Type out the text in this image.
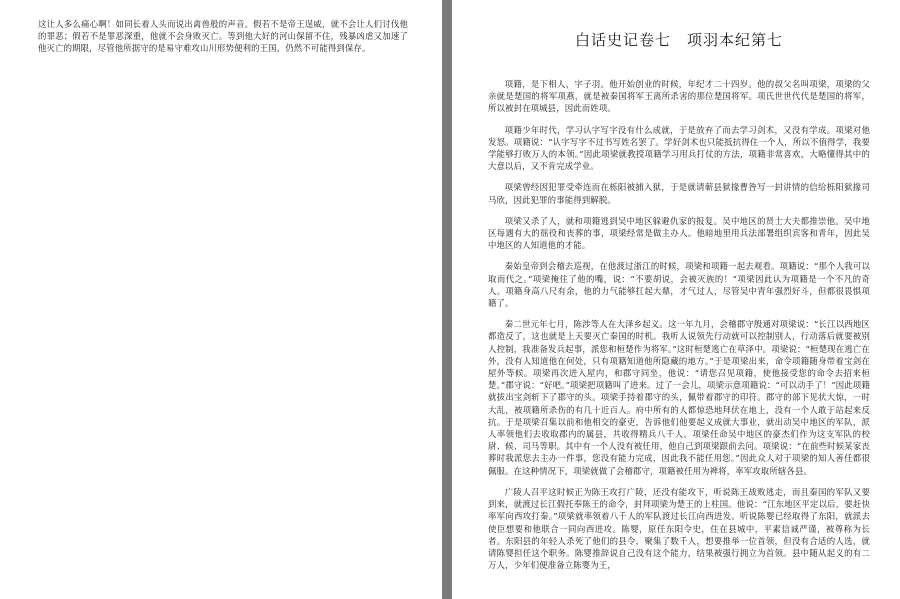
这让人多么痛心啊！如同长着人头而说出禽兽般的声音。假若不是帝王逞威，就不会让人们讨伐他的罪恶；假若不是罪恶深重，他就不会身败灭亡。等到他大好的河山保留不住，残暴凶虐又加速了他灭亡的期限，尽管他所据守的是易守难攻山川形势便利的王国，仍然不可能得到保存。	白话史记卷七　项羽本纪第七

项籍，是下相人，字子羽。他开始创业的时候，年纪才二十四岁。他的叔父名叫项梁，项梁的父亲就是楚国的将军项燕，就是被秦国将军王离所杀害的那位楚国将军。项氏世世代代是楚国的将军，所以被封在项城县，因此而姓项。

项籍少年时代，学习认字写字没有什么成就，于是放弃了而去学习剑术，又没有学成。项梁对他发怒。项籍说：“认字写字不过书写姓名罢了。学好剑术也只能抵抗得住一个人，所以不值得学，我要学能够打败万人的本领。”因此项梁就教授项籍学习用兵打仗的方法，项籍非常喜欢，大略懂得其中的大意以后，又不肯完成学业。

项梁曾经因犯罪受牵连而在栎阳被捕入狱，于是就请蕲县狱掾曹咎写一封讲情的信给栎阳狱掾司马欣，因此犯罪的事能得到解脱。

项梁又杀了人，就和项籍逃到吴中地区躲避仇家的报复。吴中地区的贤士大夫都推崇他。吴中地区每遇有大的徭役和丧葬的事，项梁经常是做主办人。他暗地里用兵法部署组织宾客和青年，因此吴中地区的人知道他的才能。

秦始皇帝到会稽去巡视，在他渡过浙江的时候，项梁和项籍一起去观看。项籍说：“那个人我可以取而代之。”项梁掩住了他的嘴，说：“不要胡说，会被灭族的！”项梁因此认为项籍是一个不凡的奇人。项籍身高八尺有余，他的力气能够扛起大鼎，才气过人，尽管吴中青年强烈好斗，但都很畏惧项籍了。

秦二世元年七月，陈涉等人在大泽乡起义。这一年九月，会稽郡守殷通对项梁说：“长江以西地区都造反了，这也就是上天要灭亡秦国的时机。我听人说领先行动就可以控制别人，行动落后就要被别人控制，我准备发兵起事，派您和桓楚作为将军。”这时桓楚逃亡在草泽中。项梁说：“桓楚现在逃亡在外，没有人知道他在何处，只有项籍知道他所隐藏的地方。”于是项梁出来，命令项籍随身带着宝剑在屋外等候。项梁再次进入屋内，和郡守同坐，他说：“请您召见项籍，使他接受您的命令去招来桓楚。”郡守说：“好吧。”项梁把项籍叫了进来。过了一会儿，项梁示意项籍说：“可以动手了！”因此项籍就拔出宝剑斩下了郡守的头。项梁手持着郡守的头，佩带着郡守的印符。郡守的部下见状大惊，一时大乱，被项籍所杀伤的有几十近百人。府中所有的人都惊恐地拜伏在地上，没有一个人敢于站起来反抗。于是项梁召集以前和他相交的豪吏，告诉他们他要起义成就大事业，就出动吴中地区的军队，派人率领他们去收取郡内的属县，共收得精兵八千人。项梁任命吴中地区的豪杰们作为这支军队的校尉、候、司马等职。其中有一个人没有被任用，他自己到项梁跟前去问。项梁说：“在前些时候某家丧葬时我派您去主办一件事，您没有能力完成，因此我不能任用您。”因此众人对于项梁的知人善任都很佩服。在这种情况下，项梁就做了会稽郡守，项籍被任用为裨将，率军攻取所辖各县。

广陵人召平这时候正为陈王攻打广陵，还没有能攻下，听说陈王战败逃走，而且秦国的军队又要到来，就渡过长江假托奉陈王的命令，封拜项梁为楚王的上柱国。他说：“江东地区平定以后，要赶快率军向西攻打秦。”项梁就率领着八千人的军队渡过长江向西进发。听说陈婴已经取得了东阳，就派去使臣想要和他联合一同向西进攻。陈婴，原任东阳令史，住在县城中，平素信诚严谨，被尊称为长者。东阳县的年轻人杀死了他们的县令，聚集了数千人，想要推举一位首领，但没有合适的人选，就请陈婴担任这个职务。陈婴推辞说自己没有这个能力，结果被强行拥立为首领。县中随从起义的有二万人，少年们便准备立陈婴为王，
